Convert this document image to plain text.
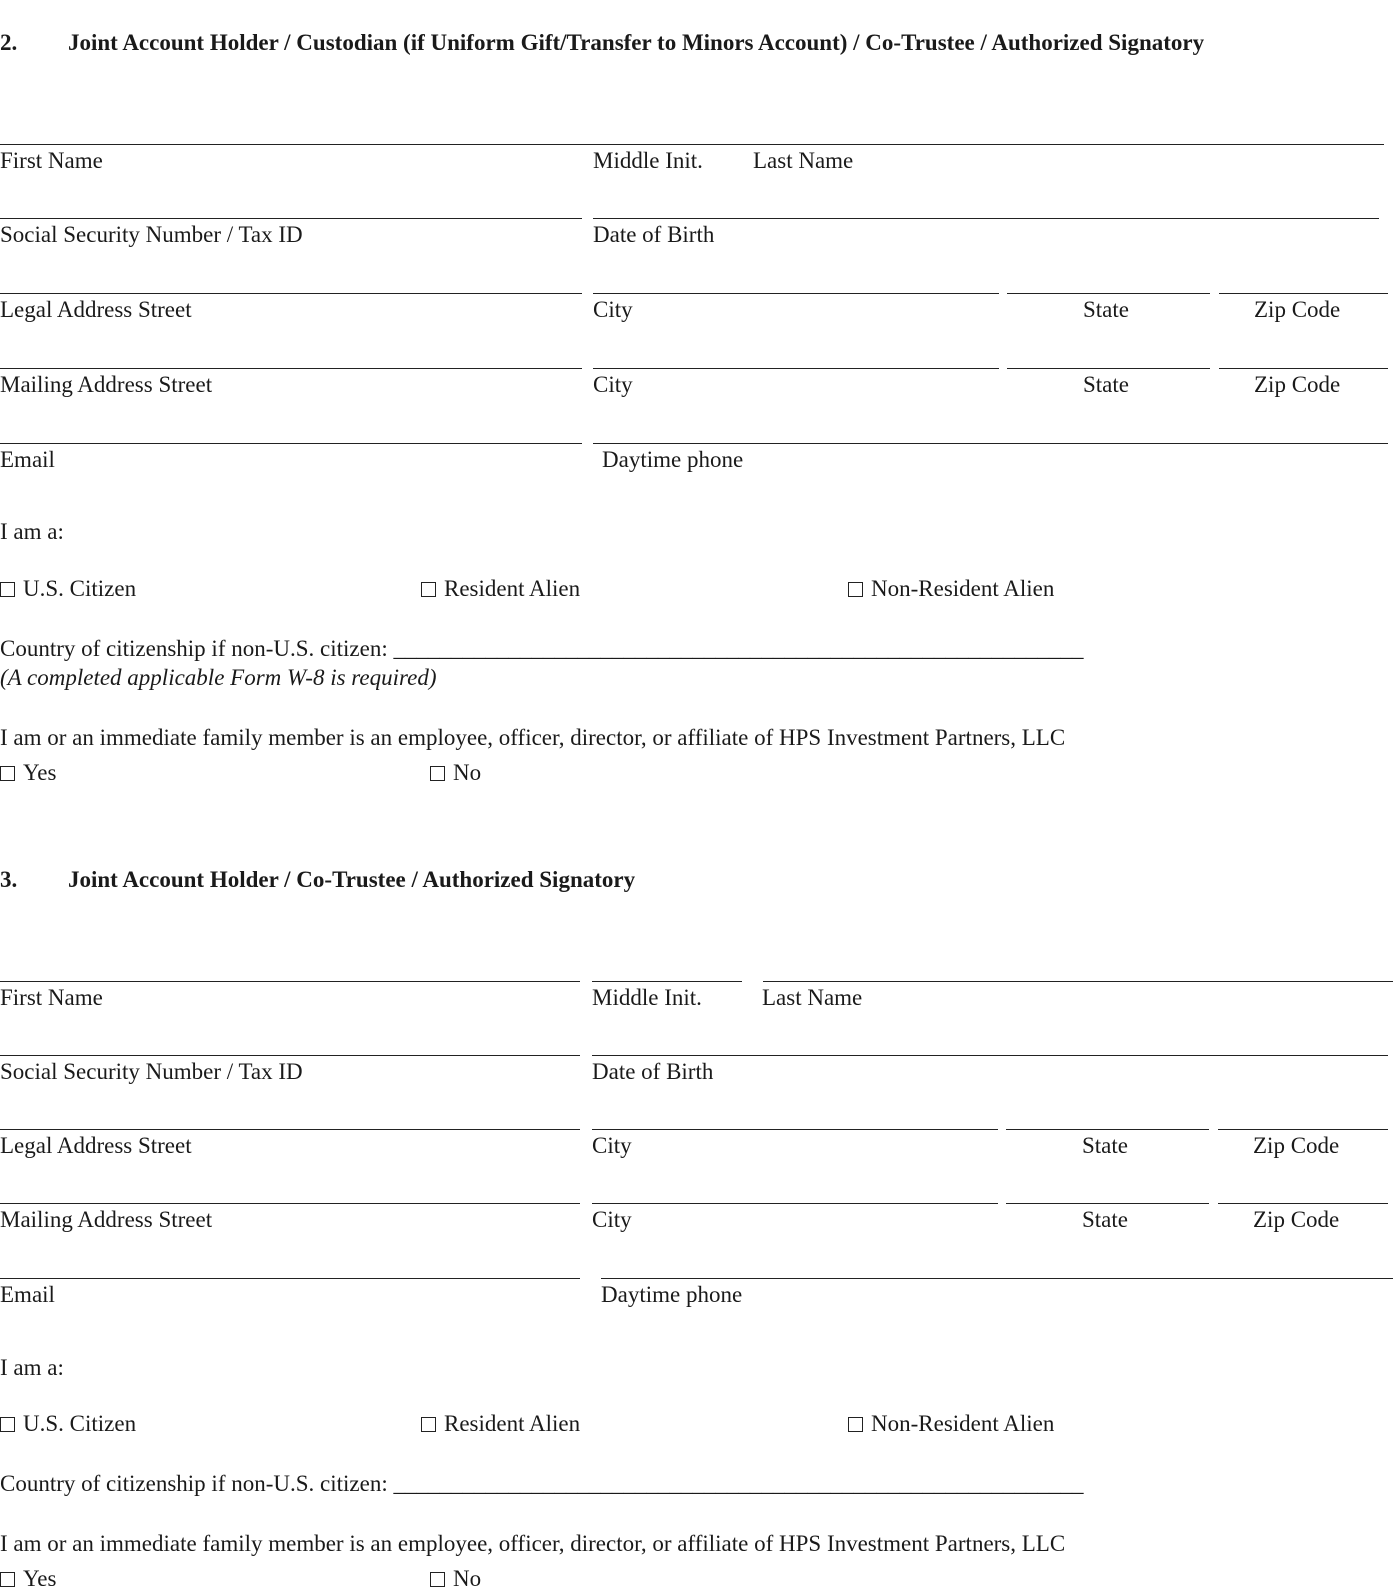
2. Joint Account Holder / Custodian (if Uniform Gift/Transfer to Minors Account) / Co-Trustee / Authorized Signatory
First Name	Middle Init. Last Name
Social Security Number / Tax ID	Date of Birth
Legal Address Street	City	State	Zip Code
Mailing Address Street	City	State	Zip Code
Email	Daytime phone
I am a:
U.S. Citizen	Resident Alien	Non-Resident Alien
Country of citizenship if non-U.S. citizen: ____________________________________________________________
(A completed applicable Form W-8 is required)
I am or an immediate family member is an employee, officer, director, or affiliate of HPS Investment Partners, LLC
Yes	No
3. Joint Account Holder / Co-Trustee / Authorized Signatory
First Name	Middle Init.	Last Name
Social Security Number / Tax ID	Date of Birth
Legal Address Street	City	State	Zip Code
Mailing Address Street	City	State	Zip Code
Email	Daytime phone
I am a:
U.S. Citizen	Resident Alien	Non-Resident Alien
Country of citizenship if non-U.S. citizen: ____________________________________________________________
I am or an immediate family member is an employee, officer, director, or affiliate of HPS Investment Partners, LLC
Yes	No
